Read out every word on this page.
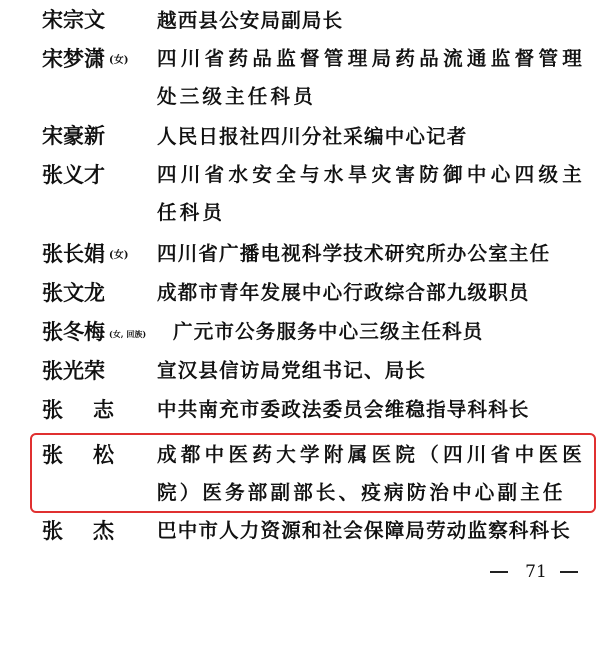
宋宗文	越西县公安局副局长
宋梦潇 (女) 四川省药品监督管理局药品流通监督管理处三级主任科员
宋豪新	人民日报社四川分社采编中心记者
张义才	四川省水安全与水旱灾害防御中心四级主任科员
张长娟 (女) 四川省广播电视科学技术研究所办公室主任
张文龙	成都市青年发展中心行政综合部九级职员
张冬梅 (女, 回族) 广元市公务服务中心三级主任科员
张光荣	宣汉县信访局党组书记、局长
张志 中共南充市委政法委员会维稳指导科科长
张松 成都中医药大学附属医院（四川省中医医院）医务部副部长、疫病防治中心副主任
张杰 巴中市人力资源和社会保障局劳动监察科科长
71
